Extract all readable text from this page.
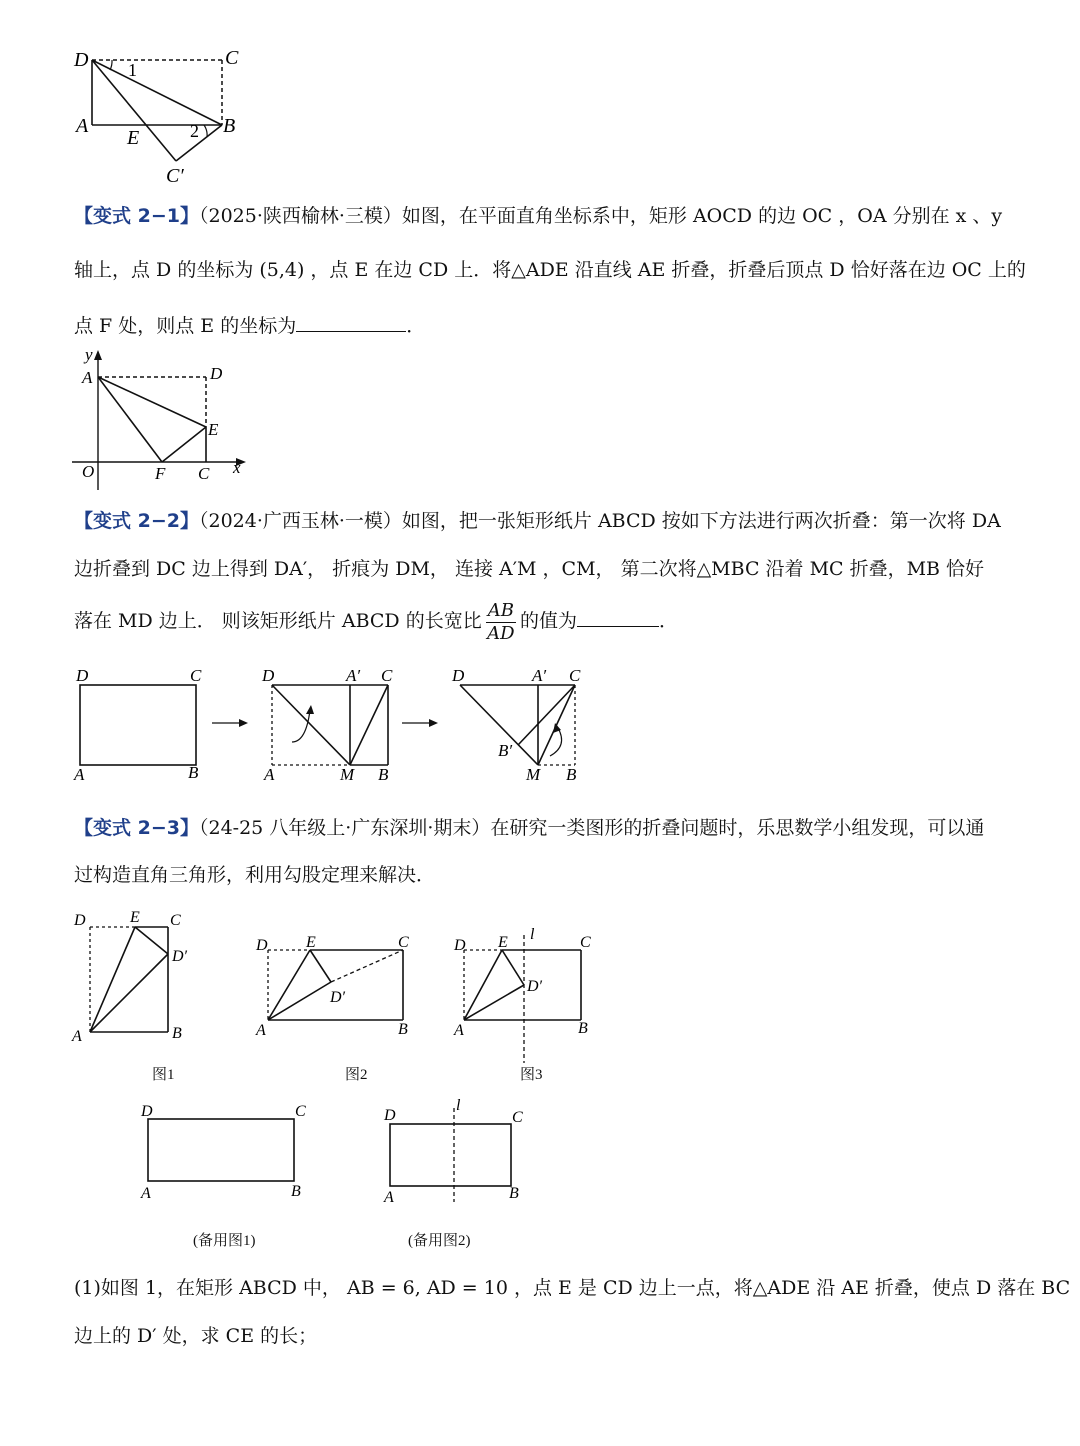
D	C
A
E
B
C′
1
2
【变式 2−1】（2025·陕西榆林·三模）如图，在平面直角坐标系中，矩形 AOCD 的边 OC ，OA 分别在 x 、y
轴上，点 D 的坐标为 (5,4) ，点 E 在边 CD 上．将△ADE 沿直线 AE 折叠，折叠后顶点 D 恰好落在边 OC 上的
点 F 处，则点 E 的坐标为	．
y
x
A	D
E
O	F C
【变式 2−2】（2024·广西玉林·一模）如图，把一张矩形纸片 ABCD 按如下方法进行两次折叠：第一次将 DA
边折叠到 DC 边上得到 DA′， 折痕为 DM， 连接 A′M ，CM， 第二次将△MBC 沿着 MC 折叠，MB 恰好
落在 MD 边上． 则该矩形纸片 ABCD 的长宽比 $\frac{AB}{AD}$ 的值为	．
D	C
A	B
D	A′ C
A	M B
D	A′ C
B′
M B
【变式 2−3】（24-25 八年级上·广东深圳·期末）在研究一类图形的折叠问题时，乐思数学小组发现，可以通
过构造直角三角形，利用勾股定理来解决．
D	E C
D′
A	B
图1
D E	C
D′
A	B
图2
D E l	C
D′
A	B
图3
D	C
A	B
(备用图1)
D
l
C
A	B
(备用图2)
(1)如图 1，在矩形 ABCD 中， AB = 6, AD = 10 ，点 E 是 CD 边上一点，将△ADE 沿 AE 折叠，使点 D 落在 BC
边上的 D′ 处，求 CE 的长；
